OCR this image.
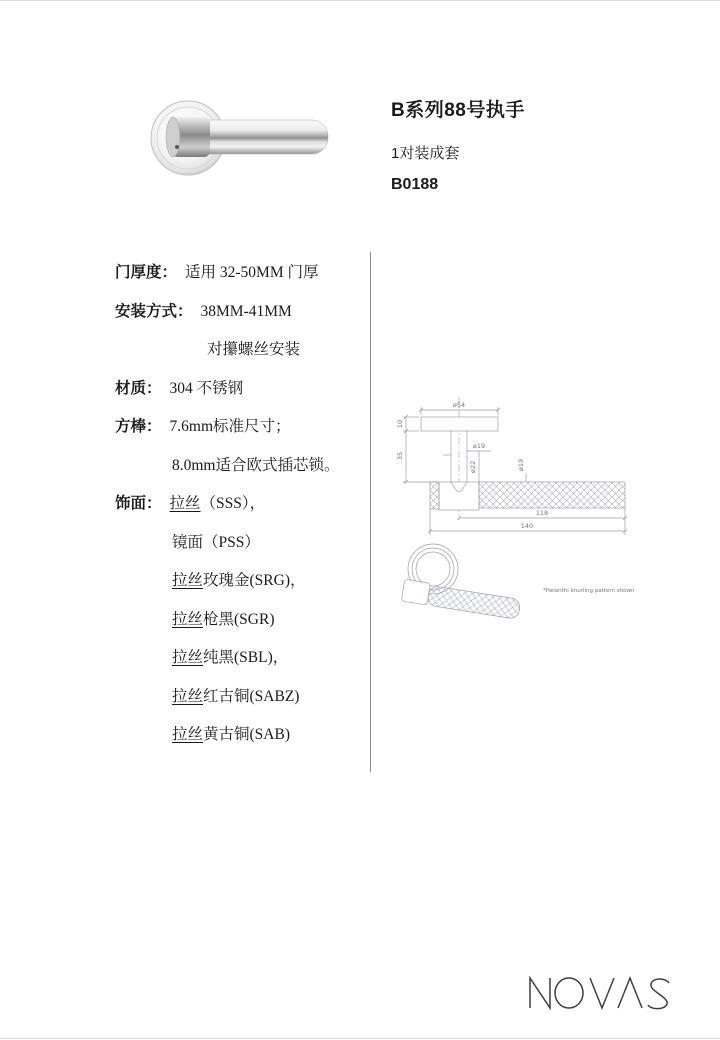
B系列88号执手
1对装成套
B0188
门厚度： 适用 32-50MM 门厚
安装方式： 38MM-41MM
对攥螺丝安装
材质： 304 不锈钢
方棒： 7.6mm标准尺寸；
8.0mm适合欧式插芯锁。
饰面： 拉丝（SSS），
镜面（PSS）
拉丝玫瑰金(SRG)，
拉丝枪黑(SGR)
拉丝纯黑(SBL)，
拉丝红古铜(SABZ)
拉丝黄古铜(SAB)
ø54
10
35
ø19
ø22	ø19
118
140
*Helanthi knurling pattern shown
